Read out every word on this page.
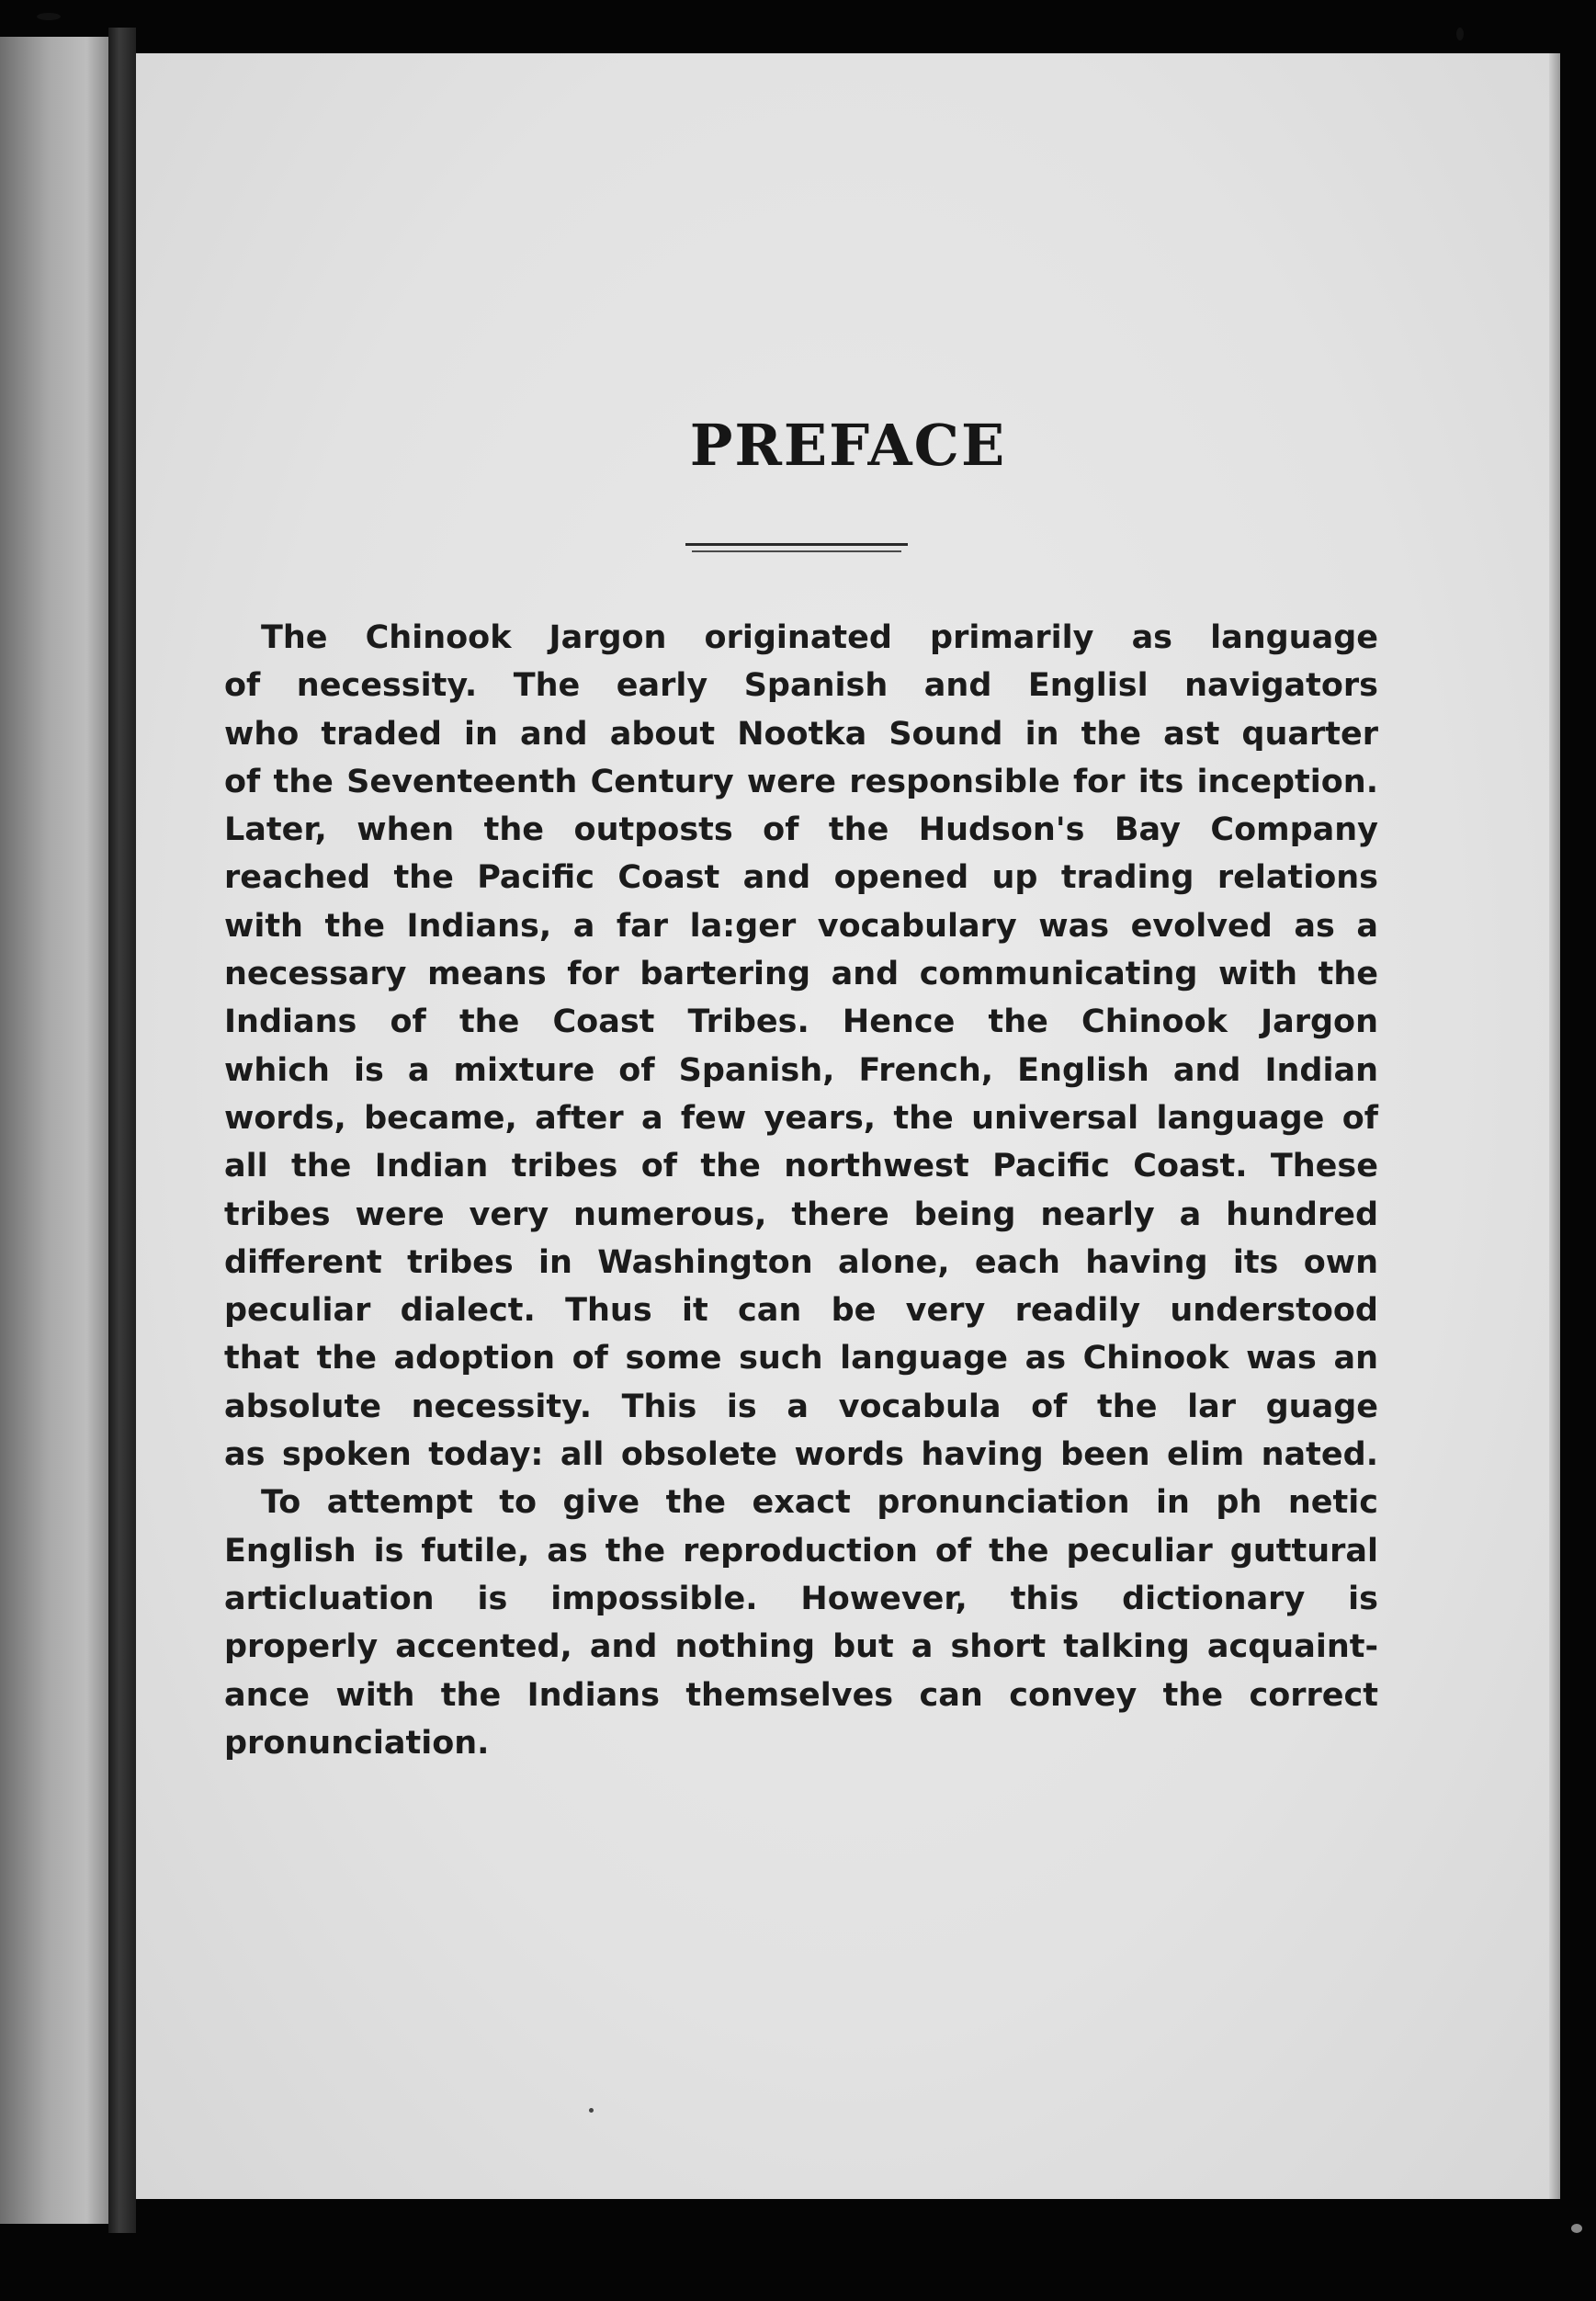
PREFACE

The Chinook Jargon originated primarily as language
of necessity. The early Spanish and Englisl navigators
who traded in and about Nootka Sound in the ast quarter
of the Seventeenth Century were responsible for its inception.
Later, when the outposts of the Hudson's Bay Company
reached the Pacific Coast and opened up trading relations
with the Indians, a far la:ger vocabulary was evolved as a
necessary means for bartering and communicating with the
Indians of the Coast Tribes. Hence the Chinook Jargon
which is a mixture of Spanish, French, English and Indian
words, became, after a few years, the universal language of
all the Indian tribes of the northwest Pacific Coast. These
tribes were very numerous, there being nearly a hundred
different tribes in Washington alone, each having its own
peculiar dialect. Thus it can be very readily understood
that the adoption of some such language as Chinook was an
absolute necessity. This is a vocabula of the lar guage
as spoken today: all obsolete words having been elim nated.

To attempt to give the exact pronunciation in ph netic
English is futile, as the reproduction of the peculiar guttural
articluation is impossible. However, this dictionary is
properly accented, and nothing but a short talking acquaint-
ance with the Indians themselves can convey the correct
pronunciation.
